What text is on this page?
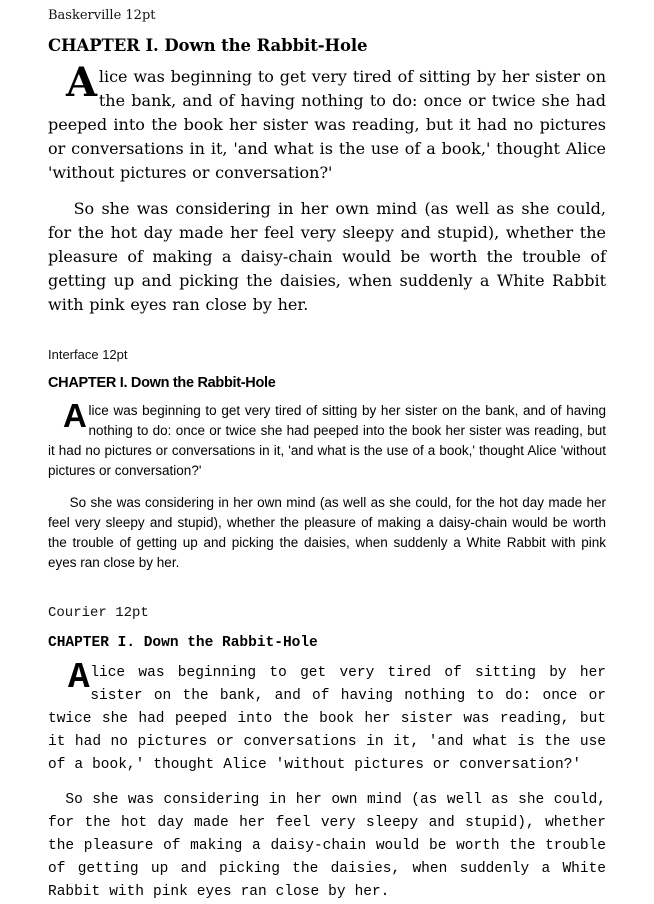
Baskerville 12pt
CHAPTER I. Down the Rabbit-Hole

Alice was beginning to get very tired of sitting by her sister on the bank, and of having nothing to do: once or twice she had peeped into the book her sister was reading, but it had no pictures or conversations in it, 'and what is the use of a book,' thought Alice 'without pictures or conversation?'

So she was considering in her own mind (as well as she could, for the hot day made her feel very sleepy and stupid), whether the pleasure of making a daisy-chain would be worth the trouble of getting up and picking the daisies, when suddenly a White Rabbit with pink eyes ran close by her.

Interface 12pt
CHAPTER I. Down the Rabbit-Hole

Alice was beginning to get very tired of sitting by her sister on the bank, and of having nothing to do: once or twice she had peeped into the book her sister was reading, but it had no pictures or conversations in it, 'and what is the use of a book,' thought Alice 'without pictures or conversation?'

So she was considering in her own mind (as well as she could, for the hot day made her feel very sleepy and stupid), whether the pleasure of making a daisy-chain would be worth the trouble of getting up and picking the daisies, when suddenly a White Rabbit with pink eyes ran close by her.

Courier 12pt
CHAPTER I. Down the Rabbit-Hole

Alice was beginning to get very tired of sitting by her sister on the bank, and of having nothing to do: once or twice she had peeped into the book her sister was reading, but it had no pictures or conversations in it, 'and what is the use of a book,' thought Alice 'without pictures or conversation?'

So she was considering in her own mind (as well as she could, for the hot day made her feel very sleepy and stupid), whether the pleasure of making a daisy-chain would be worth the trouble of getting up and picking the daisies, when suddenly a White Rabbit with pink eyes ran close by her.
